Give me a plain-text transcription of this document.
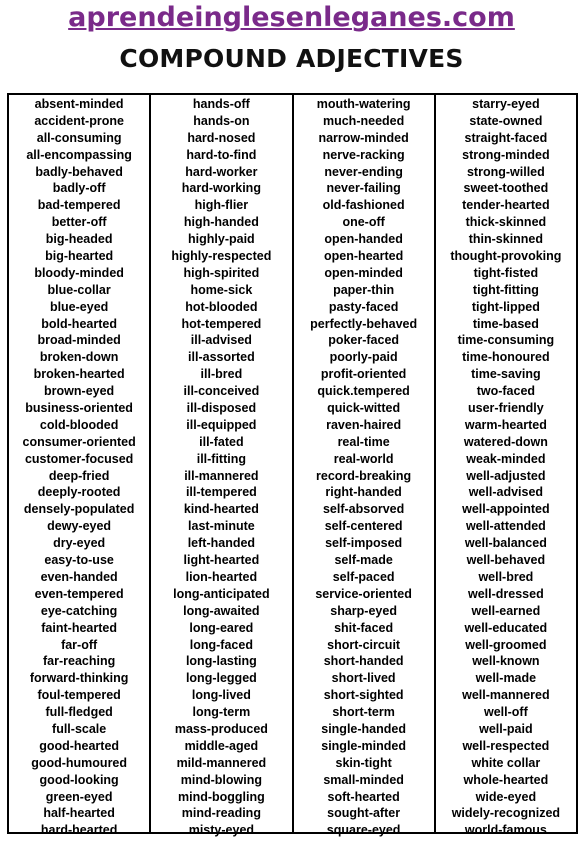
aprendeinglesenleganes.com
COMPOUND ADJECTIVES
absent-minded
accident-prone
all-consuming
all-encompassing
badly-behaved
badly-off
bad-tempered
better-off
big-headed
big-hearted
bloody-minded
blue-collar
blue-eyed
bold-hearted
broad-minded
broken-down
broken-hearted
brown-eyed
business-oriented
cold-blooded
consumer-oriented
customer-focused
deep-fried
deeply-rooted
densely-populated
dewy-eyed
dry-eyed
easy-to-use
even-handed
even-tempered
eye-catching
faint-hearted
far-off
far-reaching
forward-thinking
foul-tempered
full-fledged
full-scale
good-hearted
good-humoured
good-looking
green-eyed
half-hearted
hard-hearted
hands-off
hands-on
hard-nosed
hard-to-find
hard-worker
hard-working
high-flier
high-handed
highly-paid
highly-respected
high-spirited
home-sick
hot-blooded
hot-tempered
ill-advised
ill-assorted
ill-bred
ill-conceived
ill-disposed
ill-equipped
ill-fated
ill-fitting
ill-mannered
ill-tempered
kind-hearted
last-minute
left-handed
light-hearted
lion-hearted
long-anticipated
long-awaited
long-eared
long-faced
long-lasting
long-legged
long-lived
long-term
mass-produced
middle-aged
mild-mannered
mind-blowing
mind-boggling
mind-reading
misty-eyed
mouth-watering
much-needed
narrow-minded
nerve-racking
never-ending
never-failing
old-fashioned
one-off
open-handed
open-hearted
open-minded
paper-thin
pasty-faced
perfectly-behaved
poker-faced
poorly-paid
profit-oriented
quick.tempered
quick-witted
raven-haired
real-time
real-world
record-breaking
right-handed
self-absorved
self-centered
self-imposed
self-made
self-paced
service-oriented
sharp-eyed
shit-faced
short-circuit
short-handed
short-lived
short-sighted
short-term
single-handed
single-minded
skin-tight
small-minded
soft-hearted
sought-after
square-eyed
starry-eyed
state-owned
straight-faced
strong-minded
strong-willed
sweet-toothed
tender-hearted
thick-skinned
thin-skinned
thought-provoking
tight-fisted
tight-fitting
tight-lipped
time-based
time-consuming
time-honoured
time-saving
two-faced
user-friendly
warm-hearted
watered-down
weak-minded
well-adjusted
well-advised
well-appointed
well-attended
well-balanced
well-behaved
well-bred
well-dressed
well-earned
well-educated
well-groomed
well-known
well-made
well-mannered
well-off
well-paid
well-respected
white collar
whole-hearted
wide-eyed
widely-recognized
world-famous
